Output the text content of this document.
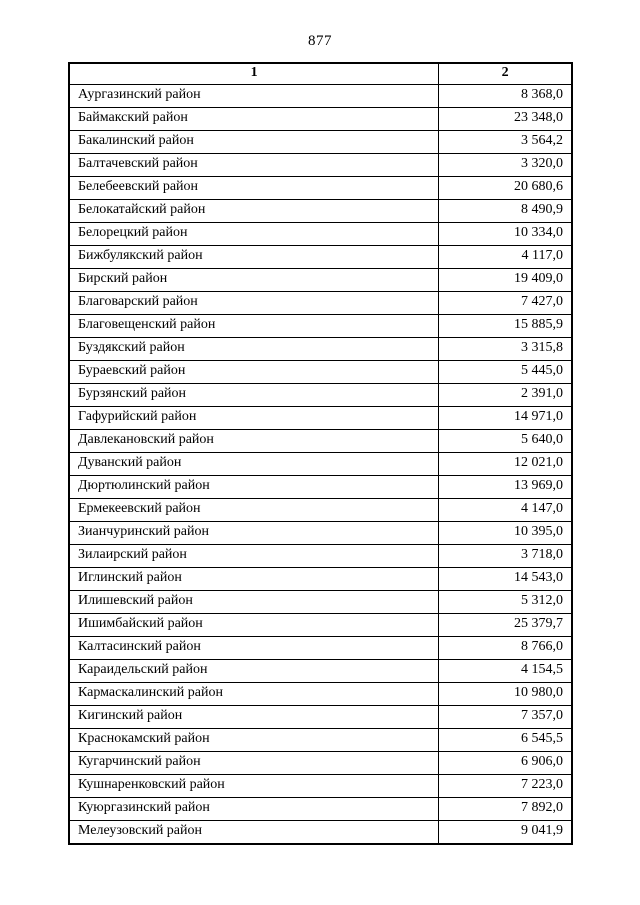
877
1	2
Аургазинский район	8 368,0
Баймакский район	23 348,0
Бакалинский район	3 564,2
Балтачевский район	3 320,0
Белебеевский район	20 680,6
Белокатайский район	8 490,9
Белорецкий район	10 334,0
Бижбулякский район	4 117,0
Бирский район	19 409,0
Благоварский район	7 427,0
Благовещенский район	15 885,9
Буздякский район	3 315,8
Бураевский район	5 445,0
Бурзянский район	2 391,0
Гафурийский район	14 971,0
Давлекановский район	5 640,0
Дуванский район	12 021,0
Дюртюлинский район	13 969,0
Ермекеевский район	4 147,0
Зианчуринский район	10 395,0
Зилаирский район	3 718,0
Иглинский район	14 543,0
Илишевский район	5 312,0
Ишимбайский район	25 379,7
Калтасинский район	8 766,0
Караидельский район	4 154,5
Кармаскалинский район	10 980,0
Кигинский район	7 357,0
Краснокамский район	6 545,5
Кугарчинский район	6 906,0
Кушнаренковский район	7 223,0
Куюргазинский район	7 892,0
Мелеузовский район	9 041,9
